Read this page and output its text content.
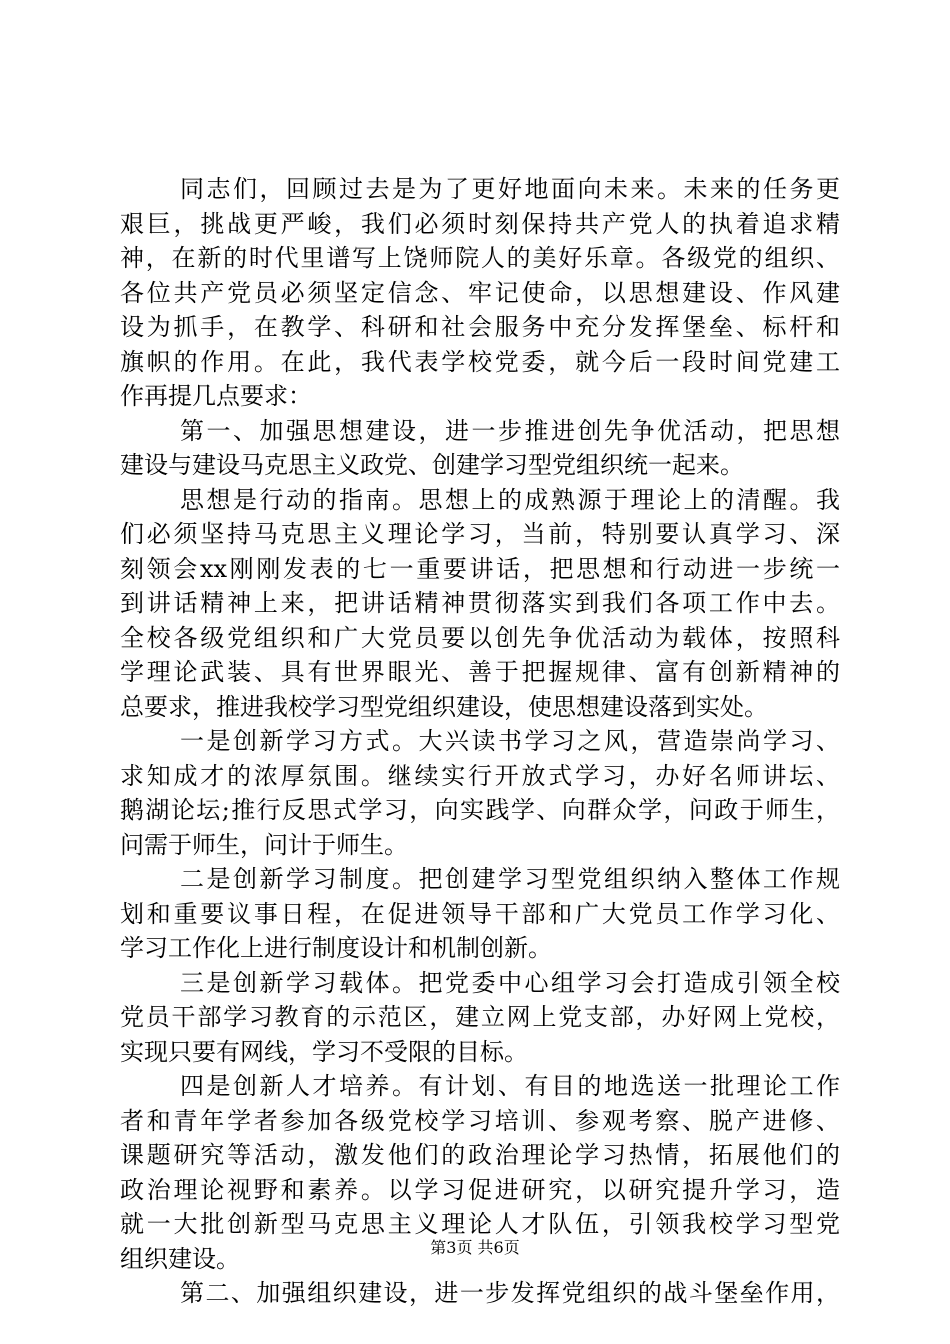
同志们，回顾过去是为了更好地面向未来。未来的任务更
艰巨，挑战更严峻，我们必须时刻保持共产党人的执着追求精
神，在新的时代里谱写上饶师院人的美好乐章。各级党的组织、
各位共产党员必须坚定信念、牢记使命，以思想建设、作风建
设为抓手，在教学、科研和社会服务中充分发挥堡垒、标杆和
旗帜的作用。在此，我代表学校党委，就今后一段时间党建工
作再提几点要求：
第一、加强思想建设，进一步推进创先争优活动，把思想
建设与建设马克思主义政党、创建学习型党组织统一起来。
思想是行动的指南。思想上的成熟源于理论上的清醒。我
们必须坚持马克思主义理论学习，当前，特别要认真学习、深
刻领会xx刚刚发表的七一重要讲话，把思想和行动进一步统一
到讲话精神上来，把讲话精神贯彻落实到我们各项工作中去。
全校各级党组织和广大党员要以创先争优活动为载体，按照科
学理论武装、具有世界眼光、善于把握规律、富有创新精神的
总要求，推进我校学习型党组织建设，使思想建设落到实处。
一是创新学习方式。大兴读书学习之风，营造崇尚学习、
求知成才的浓厚氛围。继续实行开放式学习，办好名师讲坛、
鹅湖论坛;推行反思式学习，向实践学、向群众学，问政于师生，
问需于师生，问计于师生。
二是创新学习制度。把创建学习型党组织纳入整体工作规
划和重要议事日程，在促进领导干部和广大党员工作学习化、
学习工作化上进行制度设计和机制创新。
三是创新学习载体。把党委中心组学习会打造成引领全校
党员干部学习教育的示范区，建立网上党支部，办好网上党校，
实现只要有网线，学习不受限的目标。
四是创新人才培养。有计划、有目的地选送一批理论工作
者和青年学者参加各级党校学习培训、参观考察、脱产进修、
课题研究等活动，激发他们的政治理论学习热情，拓展他们的
政治理论视野和素养。以学习促进研究，以研究提升学习，造
就一大批创新型马克思主义理论人才队伍，引领我校学习型党
组织建设。
第二、加强组织建设，进一步发挥党组织的战斗堡垒作用，
第3页 共6页
